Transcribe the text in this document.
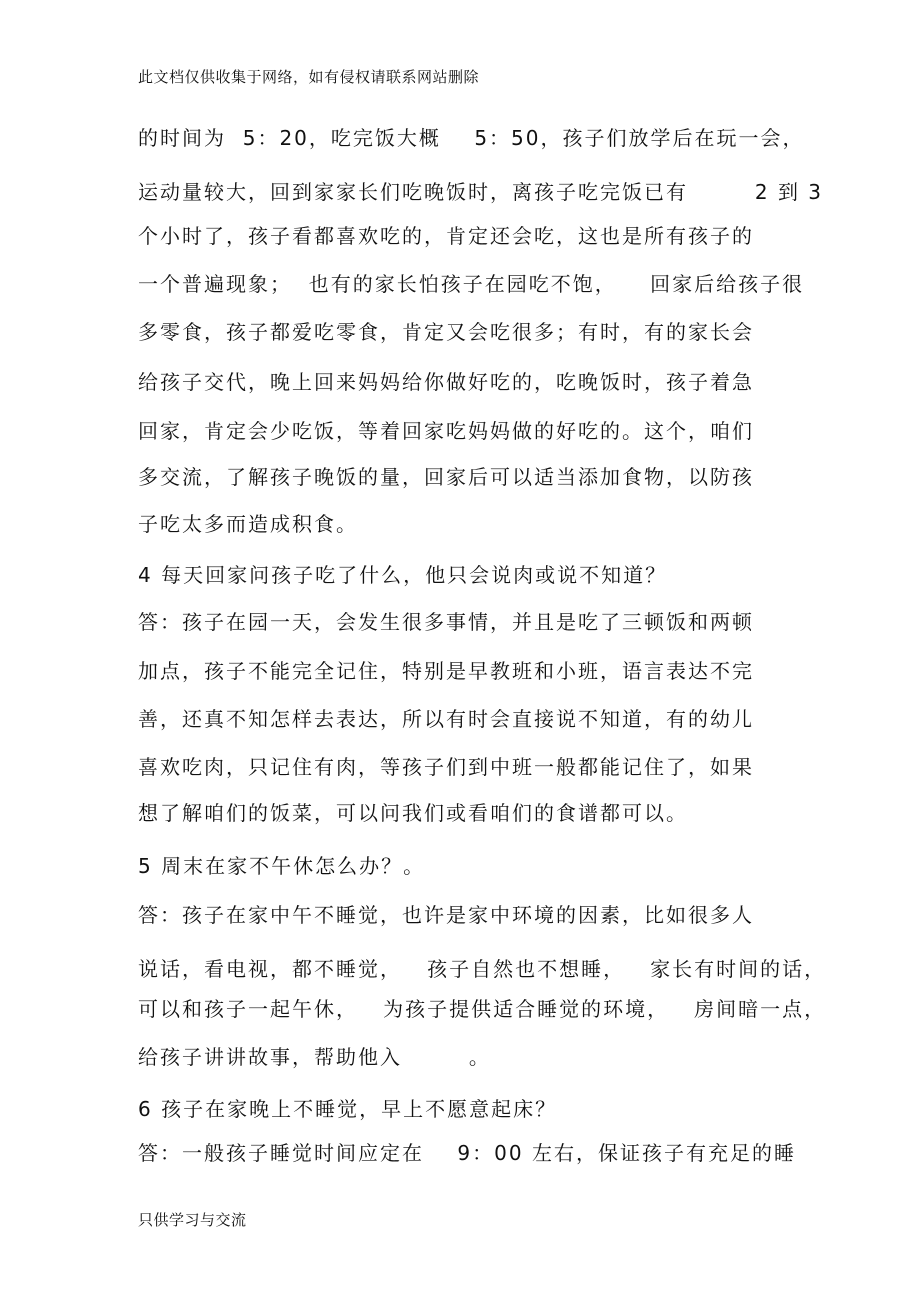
此文档仅供收集于网络，如有侵权请联系网站删除
的时间为  5：20，吃完饭大概    5：50，孩子们放学后在玩一会，
运动量较大，回到家家长们吃晚饭时，离孩子吃完饭已有        2 到 3
个小时了，孩子看都喜欢吃的，肯定还会吃，这也是所有孩子的
一个普遍现象；  也有的家长怕孩子在园吃不饱，    回家后给孩子很
多零食，孩子都爱吃零食，肯定又会吃很多；有时，有的家长会
给孩子交代，晚上回来妈妈给你做好吃的，吃晚饭时，孩子着急
回家，肯定会少吃饭，等着回家吃妈妈做的好吃的。这个，咱们
多交流，了解孩子晚饭的量，回家后可以适当添加食物，以防孩
子吃太多而造成积食。
4 每天回家问孩子吃了什么，他只会说肉或说不知道？
答：孩子在园一天，会发生很多事情，并且是吃了三顿饭和两顿
加点，孩子不能完全记住，特别是早教班和小班，语言表达不完
善，还真不知怎样去表达，所以有时会直接说不知道，有的幼儿
喜欢吃肉，只记住有肉，等孩子们到中班一般都能记住了，如果
想了解咱们的饭菜，可以问我们或看咱们的食谱都可以。
5 周末在家不午休怎么办？。
答：孩子在家中午不睡觉，也许是家中环境的因素，比如很多人
说话，看电视，都不睡觉，   孩子自然也不想睡，   家长有时间的话，
可以和孩子一起午休，   为孩子提供适合睡觉的环境，   房间暗一点，
给孩子讲讲故事，帮助他入        。
6 孩子在家晚上不睡觉，早上不愿意起床？
答：一般孩子睡觉时间应定在    9：00 左右，保证孩子有充足的睡
只供学习与交流
